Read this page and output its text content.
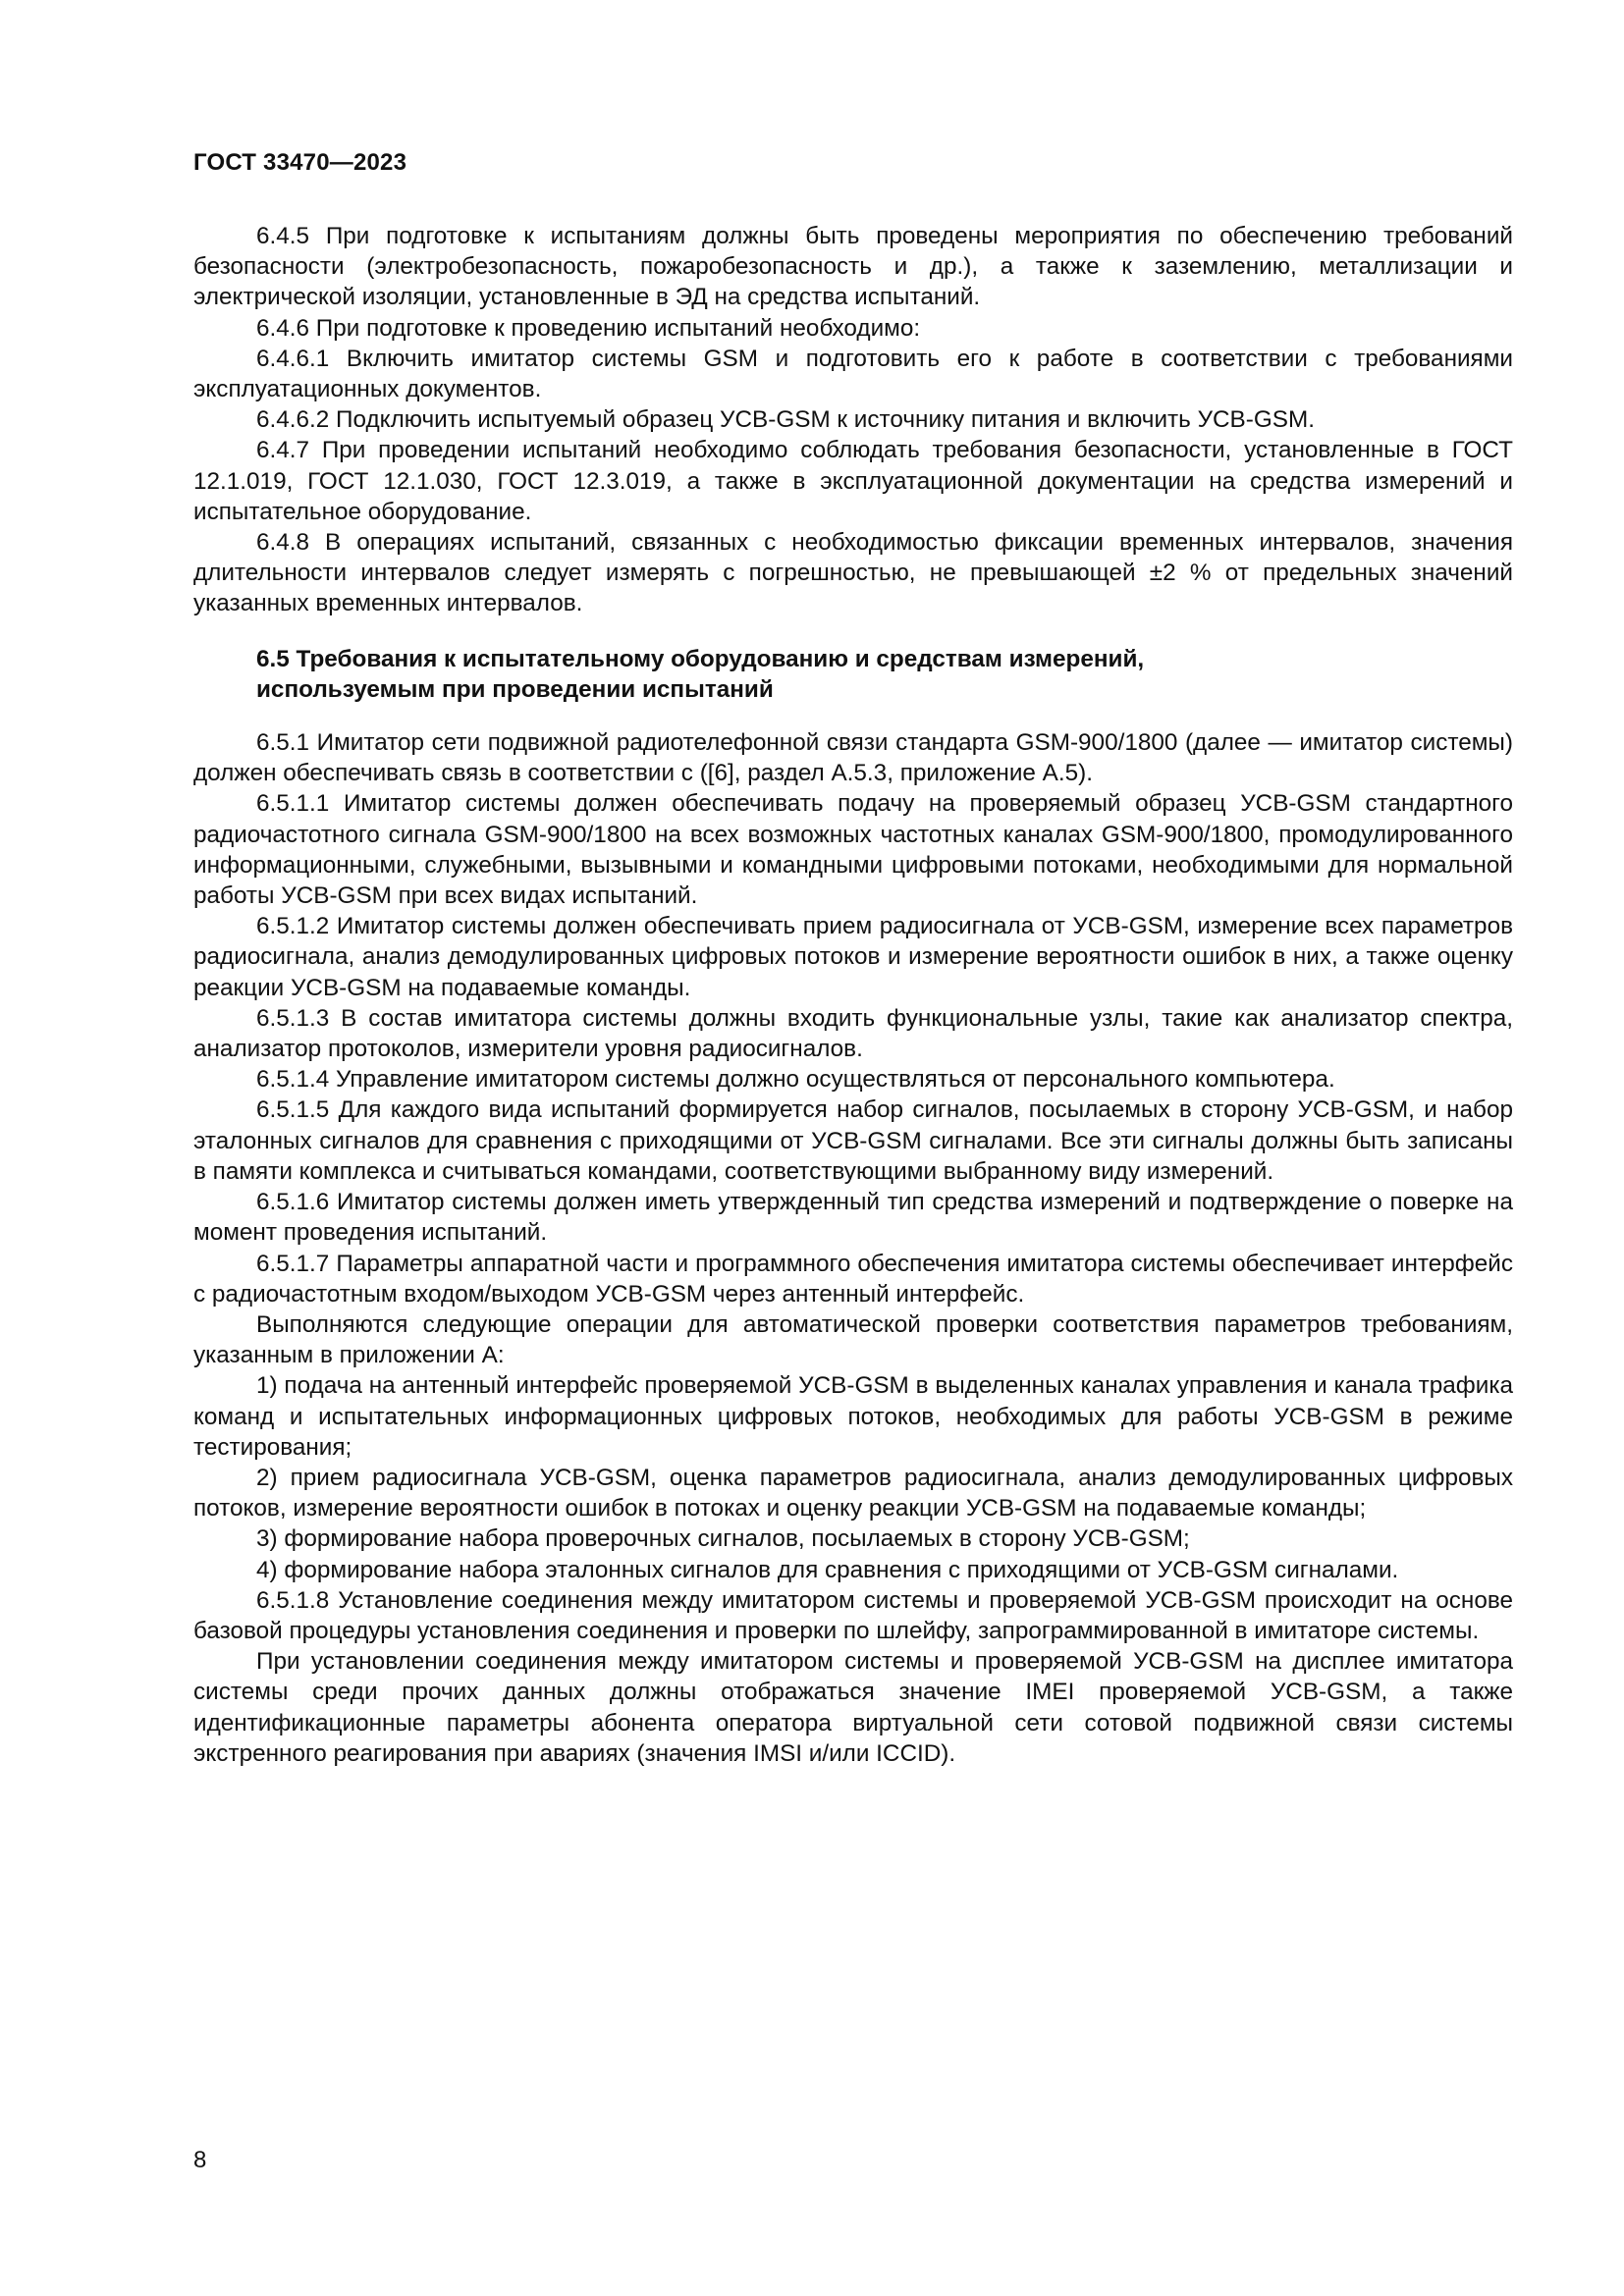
ГОСТ 33470—2023

6.4.5 При подготовке к испытаниям должны быть проведены мероприятия по обеспечению требований безопасности (электробезопасность, пожаробезопасность и др.), а также к заземлению, металлизации и электрической изоляции, установленные в ЭД на средства испытаний.

6.4.6 При подготовке к проведению испытаний необходимо:

6.4.6.1 Включить имитатор системы GSM и подготовить его к работе в соответствии с требованиями эксплуатационных документов.

6.4.6.2 Подключить испытуемый образец УСВ-GSM к источнику питания и включить УСВ-GSM.

6.4.7 При проведении испытаний необходимо соблюдать требования безопасности, установленные в ГОСТ 12.1.019, ГОСТ 12.1.030, ГОСТ 12.3.019, а также в эксплуатационной документации на средства измерений и испытательное оборудование.

6.4.8 В операциях испытаний, связанных с необходимостью фиксации временных интервалов, значения длительности интервалов следует измерять с погрешностью, не превышающей ±2 % от предельных значений указанных временных интервалов.

6.5 Требования к испытательному оборудованию и средствам измерений,
используемым при проведении испытаний

6.5.1 Имитатор сети подвижной радиотелефонной связи стандарта GSM-900/1800 (далее — имитатор системы) должен обеспечивать связь в соответствии с ([6], раздел А.5.3, приложение А.5).

6.5.1.1 Имитатор системы должен обеспечивать подачу на проверяемый образец УСВ-GSM стандартного радиочастотного сигнала GSM-900/1800 на всех возможных частотных каналах GSM-900/1800, промодулированного информационными, служебными, вызывными и командными цифровыми потоками, необходимыми для нормальной работы УСВ-GSM при всех видах испытаний.

6.5.1.2 Имитатор системы должен обеспечивать прием радиосигнала от УСВ-GSM, измерение всех параметров радиосигнала, анализ демодулированных цифровых потоков и измерение вероятности ошибок в них, а также оценку реакции УСВ-GSM на подаваемые команды.

6.5.1.3 В состав имитатора системы должны входить функциональные узлы, такие как анализатор спектра, анализатор протоколов, измерители уровня радиосигналов.

6.5.1.4 Управление имитатором системы должно осуществляться от персонального компьютера.

6.5.1.5 Для каждого вида испытаний формируется набор сигналов, посылаемых в сторону УСВ-GSM, и набор эталонных сигналов для сравнения с приходящими от УСВ-GSM сигналами. Все эти сигналы должны быть записаны в памяти комплекса и считываться командами, соответствующими выбранному виду измерений.

6.5.1.6 Имитатор системы должен иметь утвержденный тип средства измерений и подтверждение о поверке на момент проведения испытаний.

6.5.1.7 Параметры аппаратной части и программного обеспечения имитатора системы обеспечивает интерфейс с радиочастотным входом/выходом УСВ-GSM через антенный интерфейс.

Выполняются следующие операции для автоматической проверки соответствия параметров требованиям, указанным в приложении А:

1) подача на антенный интерфейс проверяемой УСВ-GSM в выделенных каналах управления и канала трафика команд и испытательных информационных цифровых потоков, необходимых для работы УСВ-GSM в режиме тестирования;

2) прием радиосигнала УСВ-GSM, оценка параметров радиосигнала, анализ демодулированных цифровых потоков, измерение вероятности ошибок в потоках и оценку реакции УСВ-GSM на подаваемые команды;

3) формирование набора проверочных сигналов, посылаемых в сторону УСВ-GSM;

4) формирование набора эталонных сигналов для сравнения с приходящими от УСВ-GSM сигналами.

6.5.1.8 Установление соединения между имитатором системы и проверяемой УСВ-GSM происходит на основе базовой процедуры установления соединения и проверки по шлейфу, запрограммированной в имитаторе системы.

При установлении соединения между имитатором системы и проверяемой УСВ-GSM на дисплее имитатора системы среди прочих данных должны отображаться значение IMEI проверяемой УСВ-GSM, а также идентификационные параметры абонента оператора виртуальной сети сотовой подвижной связи системы экстренного реагирования при авариях (значения IMSI и/или ICCID).

8
